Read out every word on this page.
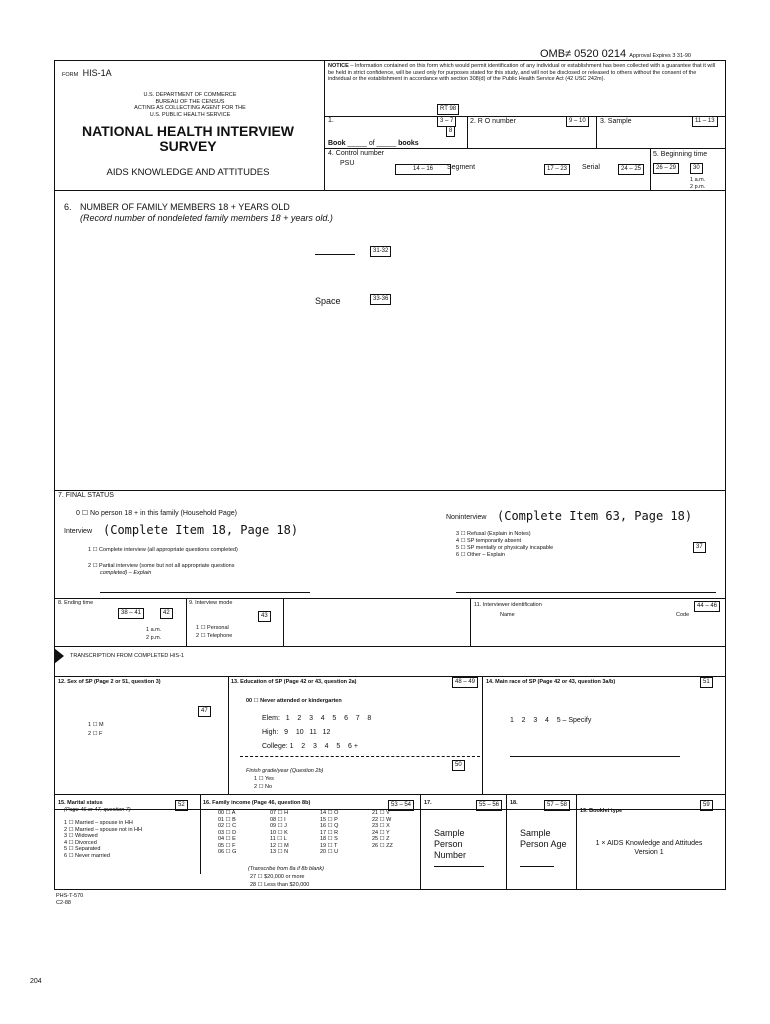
OMB≠ 0520 0214 Approval Expires 3 31-90
FORM HIS-1A
U.S. DEPARTMENT OF COMMERCE
BUREAU OF THE CENSUS
ACTING AS COLLECTING AGENT FOR THE
U.S. PUBLIC HEALTH SERVICE
NATIONAL HEALTH INTERVIEW
SURVEY
AIDS KNOWLEDGE AND ATTITUDES
NOTICE – Information contained on this form which would permit identification of any individual or establishment has been collected with a guarantee that it will be held in strict confidence, will be used only for purposes stated for this study, and will not be disclosed or released to others without the consent of the individual or the establishment in accordance with section 308(d) of the Public Health Service Act (42 USC 242m).
RT 98
1.	3 – 7
8
Book _____ of _____ books
2. R O number	9 – 10	3. Sample	11 – 13
4. Control number
PSU
14 – 16	Segment	17 – 23	Serial	24 – 25
5. Beginning time
26 – 29	30
1 a.m.
2 p.m.
6. NUMBER OF FAMILY MEMBERS 18 + YEARS OLD
(Record number of nondeleted family members 18 + years old.)
31-32
Space	33-36
7. FINAL STATUS
0 ☐ No person 18 + in this family (Household Page)
Interview (Complete Item 18, Page 18)
1 ☐ Complete interview (all appropriate questions completed)
2 ☐ Partial interview (some but not all appropriate questions
completed) – Explain
Noninterview (Complete Item 63, Page 18)
3 ☐ Refusal (Explain in Notes)
4 ☐ SP temporarily absent
5 ☐ SP mentally or physically incapable
6 ☐ Other – Explain
37
8. Ending time
38 – 41	42
1 a.m.
2 p.m.
9. Interview mode
43
1 ☐ Personal
2 ☐ Telephone
11. Interviewer identification
Name	Code
44 – 46
TRANSCRIPTION FROM COMPLETED HIS-1
12. Sex of SP (Page 2 or 51, question 3)
47
1 ☐ M
2 ☐ F
13. Education of SP (Page 42 or 43, question 2a)	48 – 49
00 ☐ Never attended or kindergarten
Elem:   1    2    3    4    5    6    7    8
High:   9    10   11   12
College: 1    2    3    4    5    6 +
Finish grade/year (Question 2b)
50
1 ☐ Yes
2 ☐ No
14. Main race of SP (Page 42 or 43, question 3a/b)	51
1    2    3    4    5 – Specify
15. Marital status
(Page 46 or 47, question 7)
52
1 ☐ Married – spouse in HH
2 ☐ Married – spouse not in HH
3 ☐ Widowed
4 ☐ Divorced
5 ☐ Separated
6 ☐ Never married
16. Family income (Page 46, question 8b)	53 – 54
00 ☐ A
01 ☐ B
02 ☐ C
03 ☐ D
04 ☐ E
05 ☐ F
06 ☐ G
07 ☐ H
08 ☐ I
09 ☐ J
10 ☐ K
11 ☐ L
12 ☐ M
13 ☐ N
14 ☐ O
15 ☐ P
16 ☐ Q
17 ☐ R
18 ☐ S
19 ☐ T
20 ☐ U
21 ☐ V
22 ☐ W
23 ☐ X
24 ☐ Y
25 ☐ Z
26 ☐ ZZ
(Transcribe from 8a if 8b blank)
27 ☐ $20,000 or more
28 ☐ Less than $20,000
17.	55 – 56
Sample Person Number
18.	57 – 58
Sample Person Age
19. Booklet type
59
1 × AIDS Knowledge and Attitudes Version 1
PHS-T-570
C2-88
204
